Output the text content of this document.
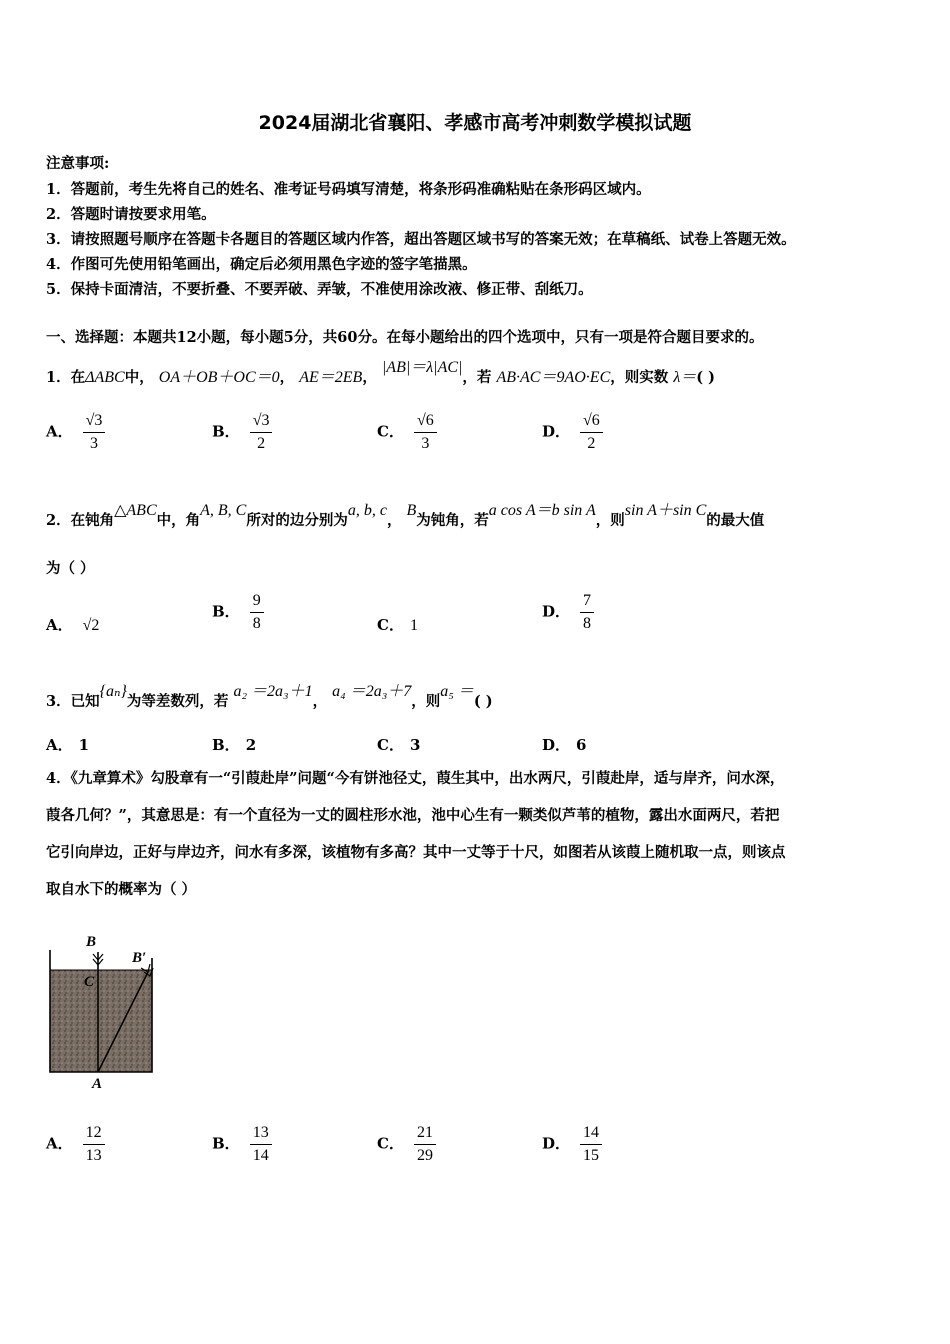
2024届湖北省襄阳、孝感市高考冲刺数学模拟试题
注意事项:
1．答题前，考生先将自己的姓名、准考证号码填写清楚，将条形码准确粘贴在条形码区域内。
2．答题时请按要求用笔。
3．请按照题号顺序在答题卡各题目的答题区域内作答，超出答题区域书写的答案无效；在草稿纸、试卷上答题无效。
4．作图可先使用铅笔画出，确定后必须用黑色字迹的签字笔描黑。
5．保持卡面清洁，不要折叠、不要弄破、弄皱，不准使用涂改液、修正带、刮纸刀。
一、选择题：本题共12小题，每小题5分，共60分。在每小题给出的四个选项中，只有一项是符合题目要求的。
1．在ΔABC中， OA＋OB＋OC＝0， AE＝2EB， |AB|＝λ|AC|，若 AB·AC＝9AO·EC，则实数 λ＝( )
A． $\frac{√3}{3}$	B． $\frac{√3}{2}$	C． $\frac{√6}{3}$	D． $\frac{√6}{2}$
2．在钝角△ABC中，角A, B, C所对的边分别为a, b, c， B为钝角，若a cos A＝b sin A，则sin A＋sin C的最大值
为（ ）
A． √2
B． $\frac{9}{8}$	C． 1
D． $\frac{7}{8}$
3．已知{aₙ}为等差数列，若 a₂ ＝2a₃＋1， a₄ ＝2a₃＋7，则a₅ ＝( )
A． 1	B． 2	C． 3	D． 6
4．《九章算术》勾股章有一“引葭赴岸”问题“今有饼池径丈，葭生其中，出水两尺，引葭赴岸，适与岸齐，问水深，
葭各几何？”，其意思是：有一个直径为一丈的圆柱形水池，池中心生有一颗类似芦苇的植物，露出水面两尺，若把
它引向岸边，正好与岸边齐，问水有多深，该植物有多高？其中一丈等于十尺，如图若从该葭上随机取一点，则该点
取自水下的概率为（ ）
B
B′
C
A
A． $\frac{12}{13}$	B． $\frac{13}{14}$	C． $\frac{21}{29}$	D． $\frac{14}{15}$
